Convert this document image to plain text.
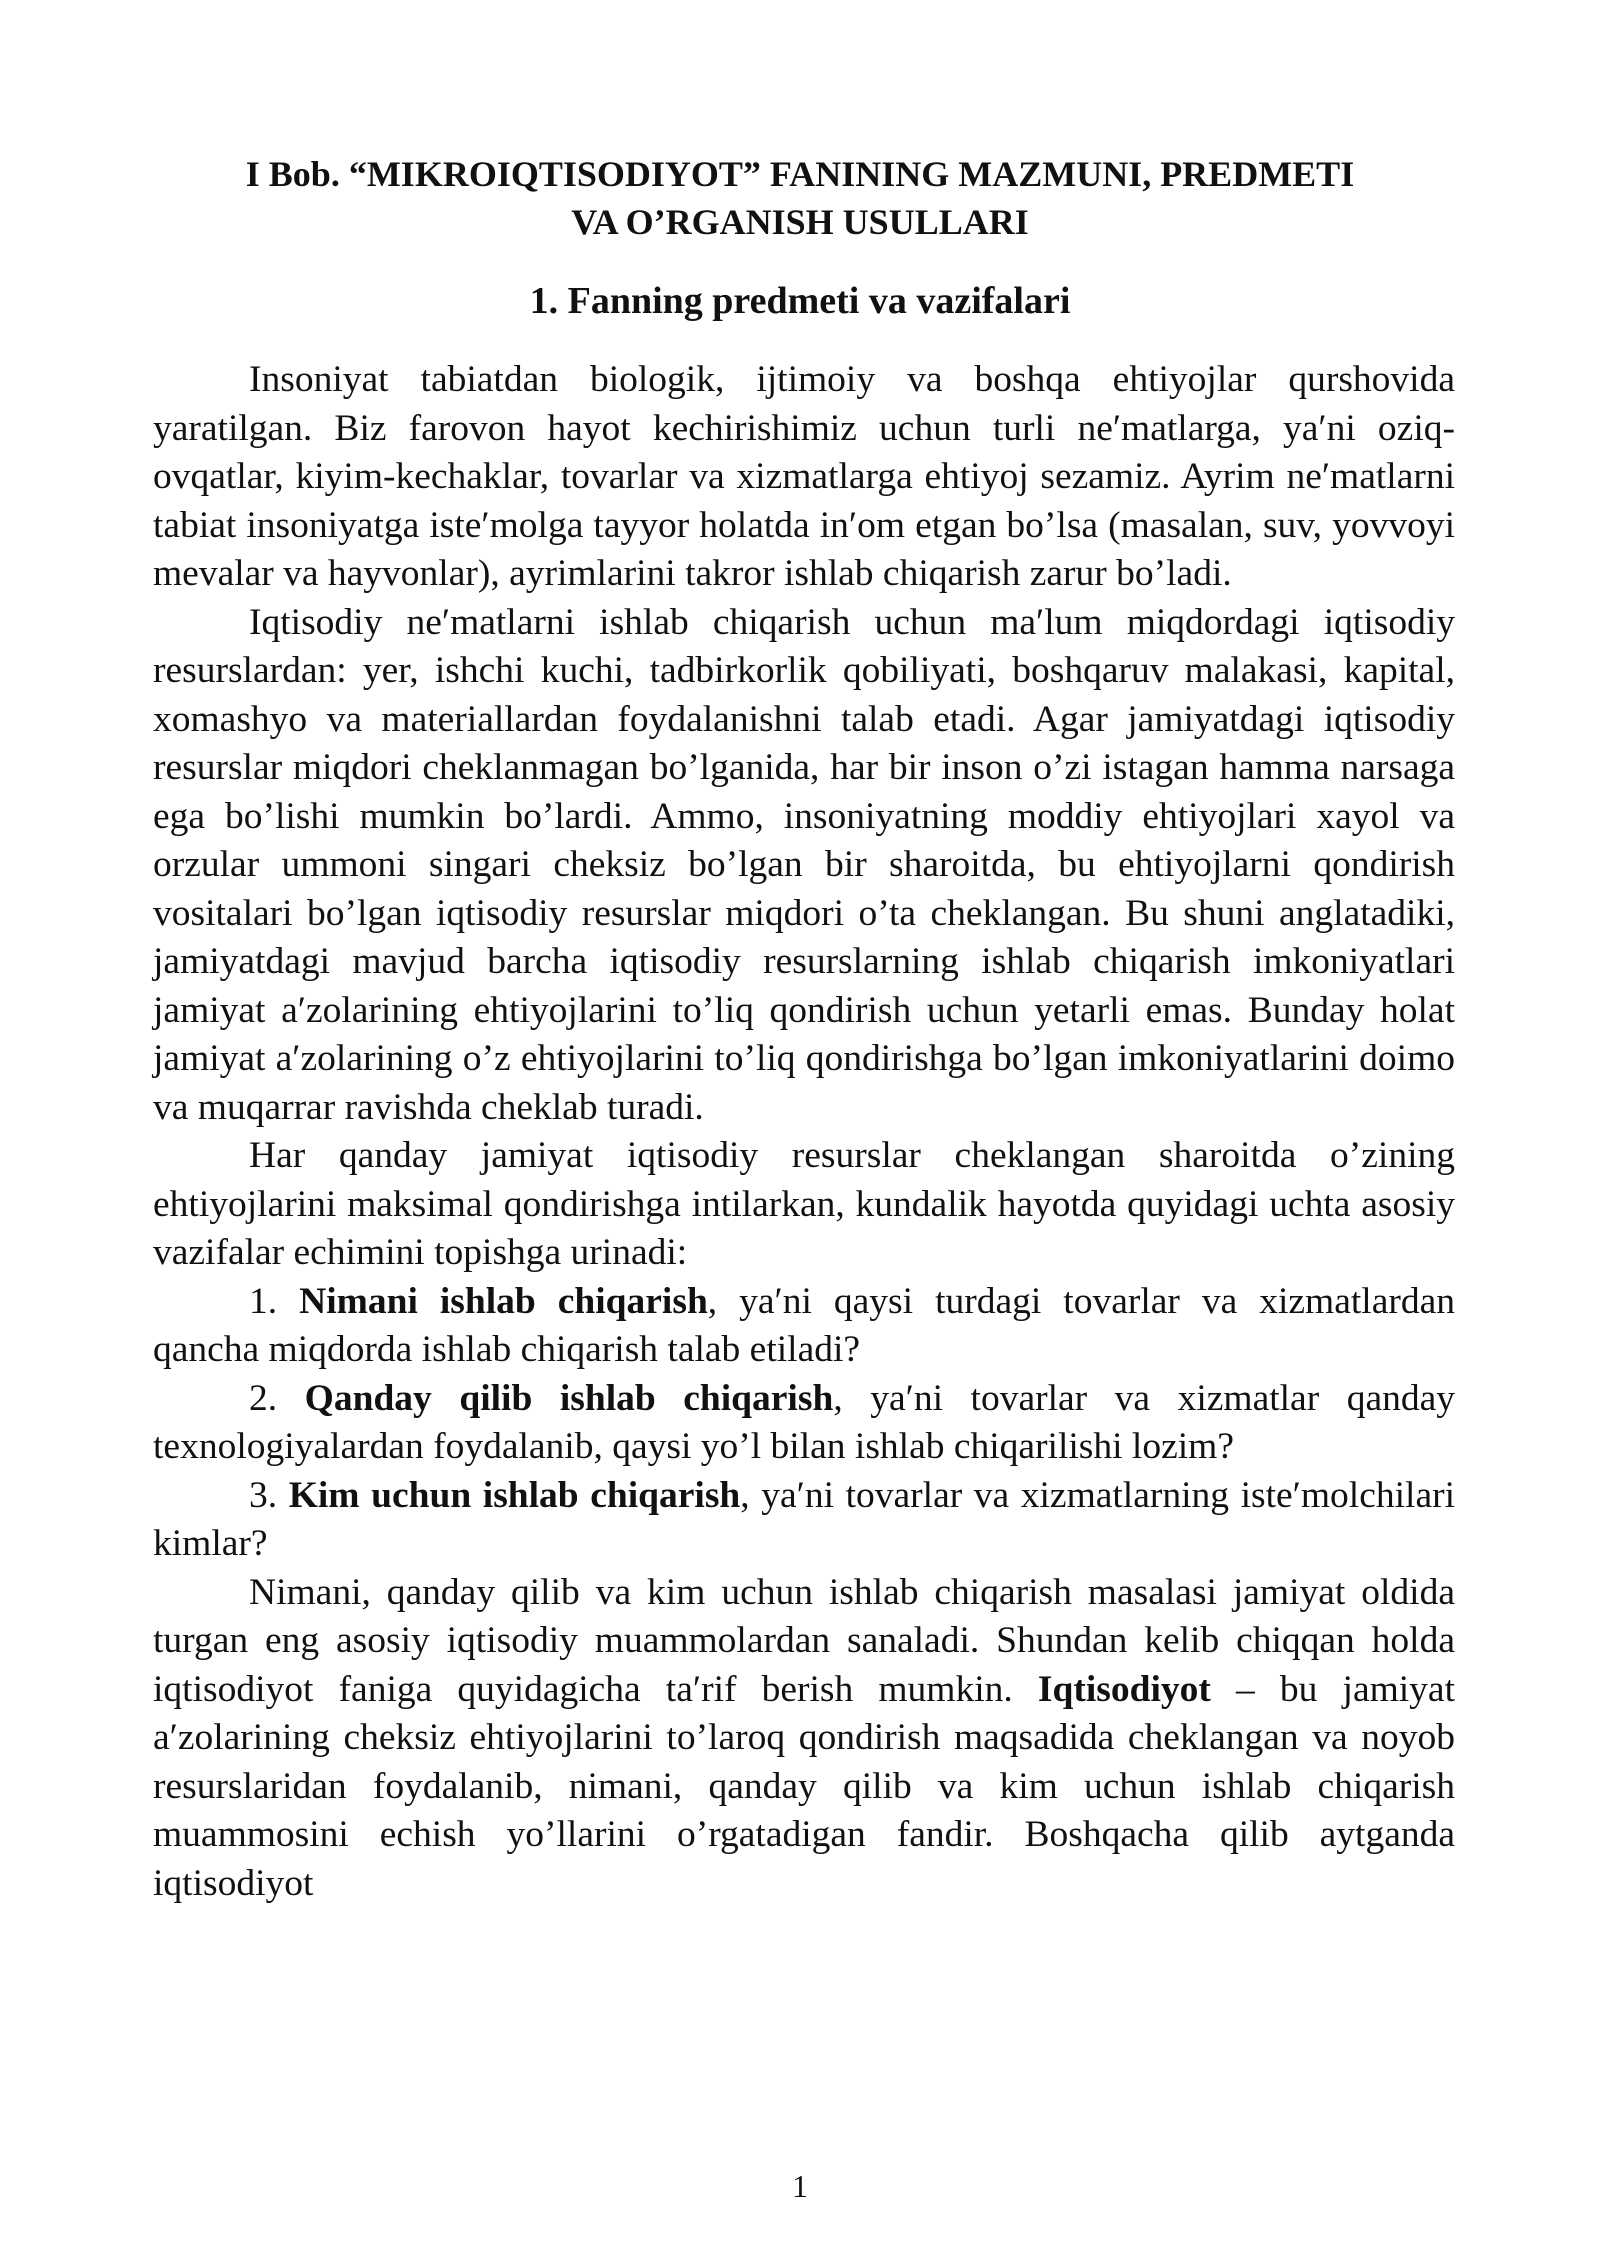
I Bob. “MIKROIQTISODIYOT” FANINING MAZMUNI, PREDMETI
VA O’RGANISH USULLARI
1. Fanning predmeti va vazifalari

Insoniyat tabiatdan biologik, ijtimoiy va boshqa ehtiyojlar qurshovida yaratilgan. Biz farovon hayot kechirishimiz uchun turli ne′matlarga, ya′ni oziq-ovqatlar, kiyim-kechaklar, tovarlar va xizmatlarga ehtiyoj sezamiz. Ayrim ne′matlarni tabiat insoniyatga iste′molga tayyor holatda in′om etgan bo’lsa (masalan, suv, yovvoyi mevalar va hayvonlar), ayrimlarini takror ishlab chiqarish zarur bo’ladi.

Iqtisodiy ne′matlarni ishlab chiqarish uchun ma′lum miqdordagi iqtisodiy resurslardan: yer, ishchi kuchi, tadbirkorlik qobiliyati, boshqaruv malakasi, kapital, xomashyo va materiallardan foydalanishni talab etadi. Agar jamiyatdagi iqtisodiy resurslar miqdori cheklanmagan bo’lganida, har bir inson o’zi istagan hamma narsaga ega bo’lishi mumkin bo’lardi. Ammo, insoniyatning moddiy ehtiyojlari xayol va orzular ummoni singari cheksiz bo’lgan bir sharoitda, bu ehtiyojlarni qondirish vositalari bo’lgan iqtisodiy resurslar miqdori o’ta cheklangan. Bu shuni anglatadiki, jamiyatdagi mavjud barcha iqtisodiy resurslarning ishlab chiqarish imkoniyatlari jamiyat a′zolarining ehtiyojlarini to’liq qondirish uchun yetarli emas. Bunday holat jamiyat a′zolarining o’z ehtiyojlarini to’liq qondirishga bo’lgan imkoniyatlarini doimo va muqarrar ravishda cheklab turadi.

Har qanday jamiyat iqtisodiy resurslar cheklangan sharoitda o’zining ehtiyojlarini maksimal qondirishga intilarkan, kundalik hayotda quyidagi uchta asosiy vazifalar echimini topishga urinadi:

1. Nimani ishlab chiqarish, ya′ni qaysi turdagi tovarlar va xizmatlardan qancha miqdorda ishlab chiqarish talab etiladi?

2. Qanday qilib ishlab chiqarish, ya′ni tovarlar va xizmatlar qanday texnologiyalardan foydalanib, qaysi yo’l bilan ishlab chiqarilishi lozim?

3. Kim uchun ishlab chiqarish, ya′ni tovarlar va xizmatlarning iste′molchilari kimlar?

Nimani, qanday qilib va kim uchun ishlab chiqarish masalasi jamiyat oldida turgan eng asosiy iqtisodiy muammolardan sanaladi. Shundan kelib chiqqan holda iqtisodiyot faniga quyidagicha ta′rif berish mumkin. Iqtisodiyot – bu jamiyat a′zolarining cheksiz ehtiyojlarini to’laroq qondirish maqsadida cheklangan va noyob resurslaridan foydalanib, nimani, qanday qilib va kim uchun ishlab chiqarish muammosini echish yo’llarini o’rgatadigan fandir. Boshqacha qilib aytganda iqtisodiyot

1
